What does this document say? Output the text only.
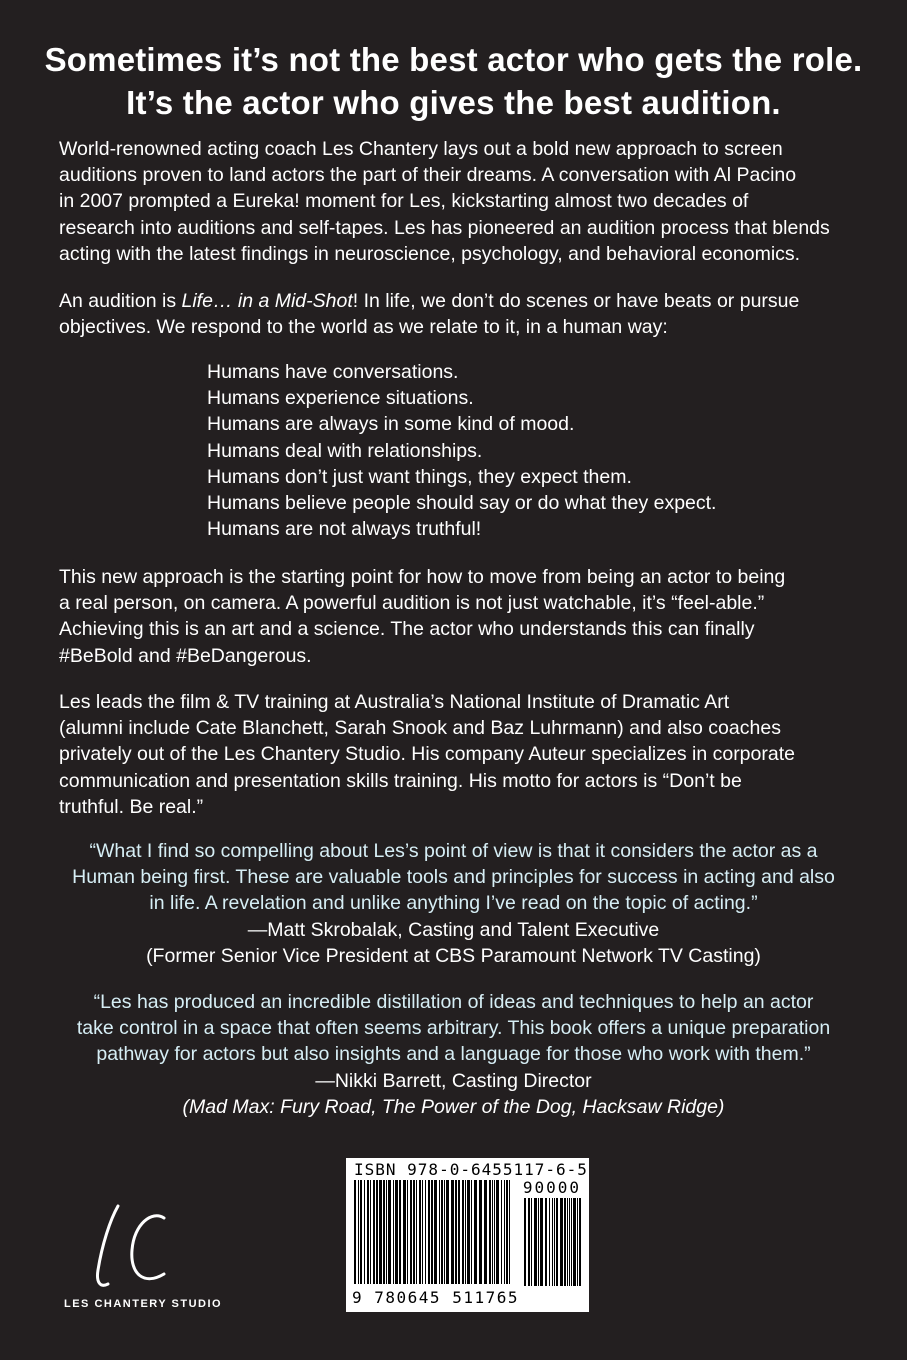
Sometimes it’s not the best actor who gets the role.
It’s the actor who gives the best audition.
World-renowned acting coach Les Chantery lays out a bold new approach to screen
auditions proven to land actors the part of their dreams. A conversation with Al Pacino
in 2007 prompted a Eureka! moment for Les, kickstarting almost two decades of
research into auditions and self-tapes. Les has pioneered an audition process that blends
acting with the latest findings in neuroscience, psychology, and behavioral economics.
An audition is Life… in a Mid-Shot! In life, we don’t do scenes or have beats or pursue
objectives. We respond to the world as we relate to it, in a human way:
Humans have conversations.
Humans experience situations.
Humans are always in some kind of mood.
Humans deal with relationships.
Humans don’t just want things, they expect them.
Humans believe people should say or do what they expect.
Humans are not always truthful!
This new approach is the starting point for how to move from being an actor to being
a real person, on camera. A powerful audition is not just watchable, it’s “feel-able.”
Achieving this is an art and a science. The actor who understands this can finally
#BeBold and #BeDangerous.
Les leads the film & TV training at Australia’s National Institute of Dramatic Art
(alumni include Cate Blanchett, Sarah Snook and Baz Luhrmann) and also coaches
privately out of the Les Chantery Studio. His company Auteur specializes in corporate
communication and presentation skills training. His motto for actors is “Don’t be
truthful. Be real.”
“What I find so compelling about Les’s point of view is that it considers the actor as a
Human being first. These are valuable tools and principles for success in acting and also
in life. A revelation and unlike anything I’ve read on the topic of acting.”
—Matt Skrobalak, Casting and Talent Executive
(Former Senior Vice President at CBS Paramount Network TV Casting)
“Les has produced an incredible distillation of ideas and techniques to help an actor
take control in a space that often seems arbitrary. This book offers a unique preparation
pathway for actors but also insights and a language for those who work with them.”
—Nikki Barrett, Casting Director
(Mad Max: Fury Road, The Power of the Dog, Hacksaw Ridge)
LES CHANTERY STUDIO
ISBN 978-0-6455117-6-5
90000
9 780645 511765
